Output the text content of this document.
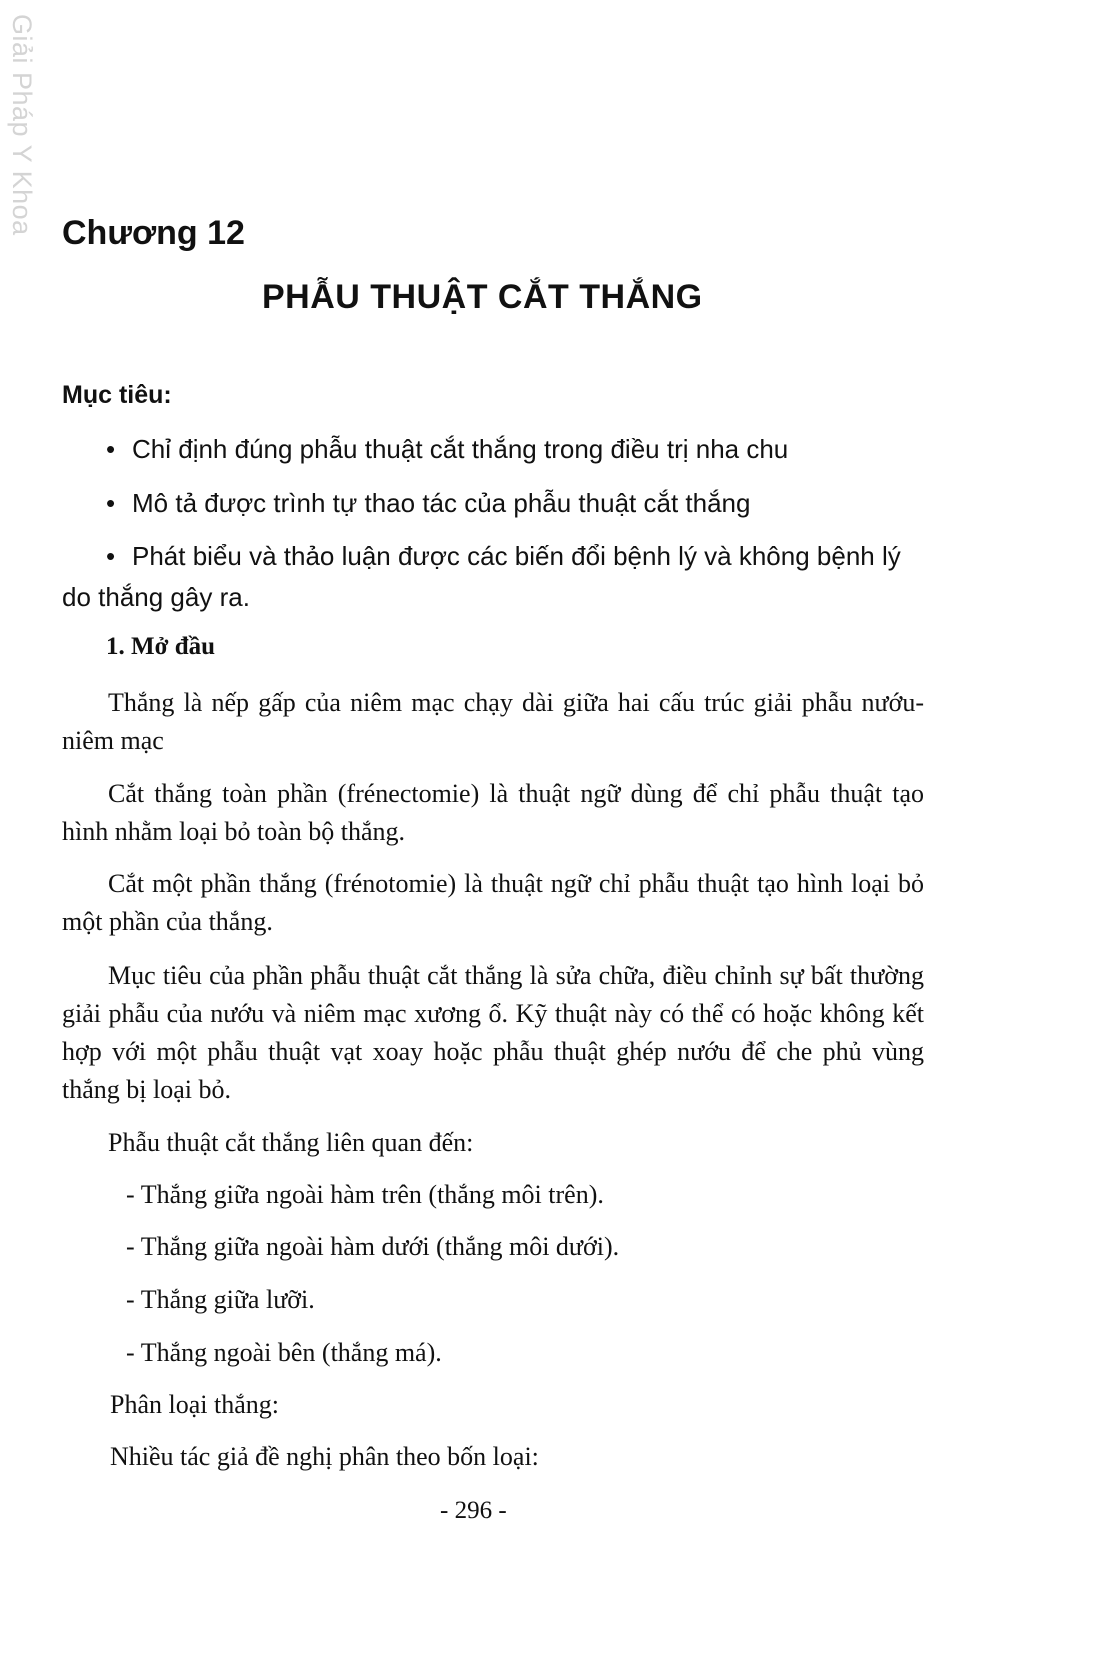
Giải Pháp Y Khoa Chương 12
PHẪU THUẬT CẮT THẮNG
Mục tiêu:
• Chỉ định đúng phẫu thuật cắt thắng trong điều trị nha chu
• Mô tả được trình tự thao tác của phẫu thuật cắt thắng
• Phát biểu và thảo luận được các biến đổi bệnh lý và không bệnh lý
do thắng gây ra.
1. Mở đầu

Thắng là nếp gấp của niêm mạc chạy dài giữa hai cấu trúc giải phẫu nướu-niêm mạc

Cắt thắng toàn phần (frénectomie) là thuật ngữ dùng để chỉ phẫu thuật tạo hình nhằm loại bỏ toàn bộ thắng.

Cắt một phần thắng (frénotomie) là thuật ngữ chỉ phẫu thuật tạo hình loại bỏ một phần của thắng.

Mục tiêu của phần phẫu thuật cắt thắng là sửa chữa, điều chỉnh sự bất thường giải phẫu của nướu và niêm mạc xương ổ. Kỹ thuật này có thể có hoặc không kết hợp với một phẫu thuật vạt xoay hoặc phẫu thuật ghép nướu để che phủ vùng thắng bị loại bỏ.

Phẫu thuật cắt thắng liên quan đến:

- Thắng giữa ngoài hàm trên (thắng môi trên).

- Thắng giữa ngoài hàm dưới (thắng môi dưới).

- Thắng giữa lưỡi.

- Thắng ngoài bên (thắng má).

Phân loại thắng:

Nhiều tác giả đề nghị phân theo bốn loại:

- 296 -
